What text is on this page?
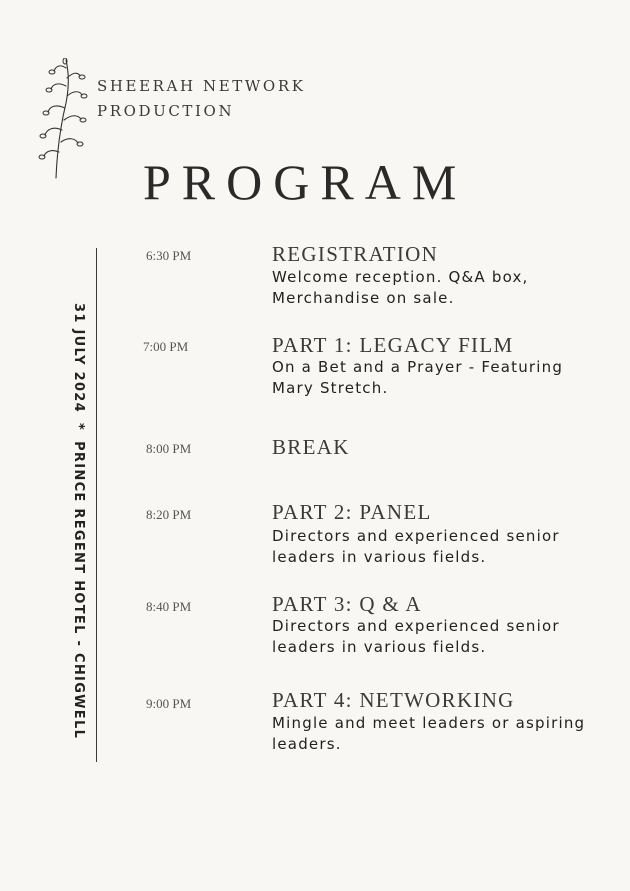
SHEERAH NETWORK
PRODUCTION
PROGRAM
31 JULY 2024*PRINCE REGENT HOTEL - CHIGWELL
6:30 PM	REGISTRATION
Welcome reception. Q&A box, Merchandise on sale.
7:00 PM	PART 1: LEGACY FILM
On a Bet and a Prayer - Featuring Mary Stretch.
8:00 PM	BREAK
8:20 PM	PART 2: PANEL
Directors and experienced senior leaders in various fields.
8:40 PM	PART 3: Q & A
Directors and experienced senior leaders in various fields.
9:00 PM	PART 4: NETWORKING
Mingle and meet leaders or aspiring leaders.
